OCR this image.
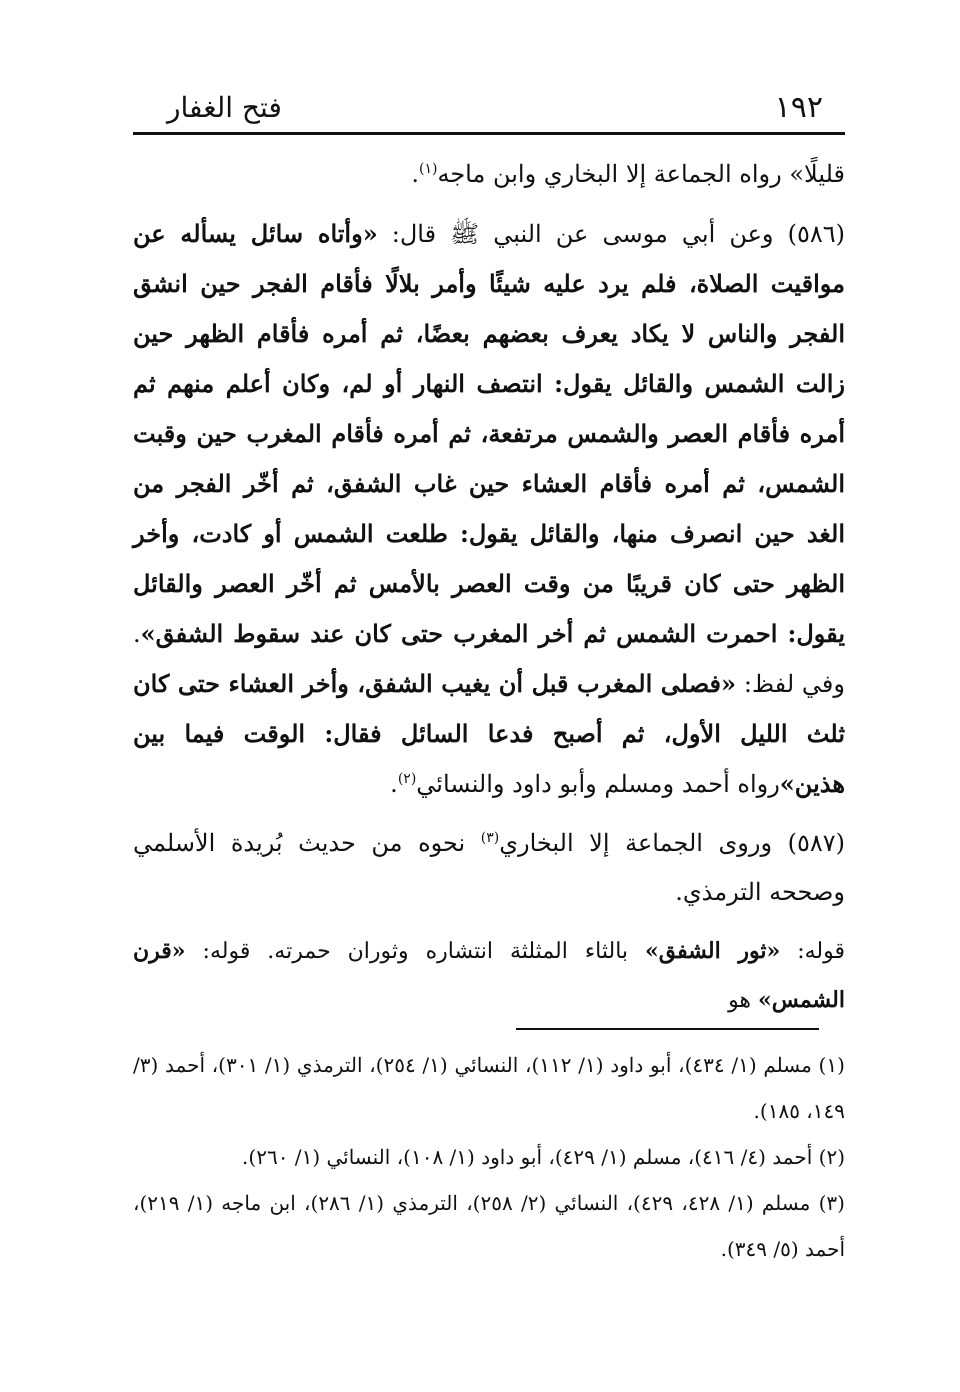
١٩٢
فتح الغفار

قليلًا» رواه الجماعة إلا البخاري وابن ماجه$^{(١)}$.

(٥٨٦) وعن أبي موسى عن النبي ﷺ قال: «وأتاه سائل يسأله عن مواقيت الصلاة، فلم يرد عليه شيئًا وأمر بلالًا فأقام الفجر حين انشق الفجر والناس لا يكاد يعرف بعضهم بعضًا، ثم أمره فأقام الظهر حين زالت الشمس والقائل يقول: انتصف النهار أو لم، وكان أعلم منهم ثم أمره فأقام العصر والشمس مرتفعة، ثم أمره فأقام المغرب حين وقبت الشمس، ثم أمره فأقام العشاء حين غاب الشفق، ثم أخّر الفجر من الغد حين انصرف منها، والقائل يقول: طلعت الشمس أو كادت، وأخر الظهر حتى كان قريبًا من وقت العصر بالأمس ثم أخّر العصر والقائل يقول: احمرت الشمس ثم أخر المغرب حتى كان عند سقوط الشفق». وفي لفظ: «فصلى المغرب قبل أن يغيب الشفق، وأخر العشاء حتى كان ثلث الليل الأول، ثم أصبح فدعا السائل فقال: الوقت فيما بين هذين»رواه أحمد ومسلم وأبو داود والنسائي$^{(٢)}$.

(٥٨٧) وروى الجماعة إلا البخاري$^{(٣)}$ نحوه من حديث بُريدة الأسلمي وصححه الترمذي.

قوله: «ثور الشفق» بالثاء المثلثة انتشاره وثوران حمرته. قوله: «قرن الشمس» هو

(١) مسلم (١/ ٤٣٤)، أبو داود (١/ ١١٢)، النسائي (١/ ٢٥٤)، الترمذي (١/ ٣٠١)، أحمد (٣/ ١٤٩، ١٨٥).

(٢) أحمد (٤/ ٤١٦)، مسلم (١/ ٤٢٩)، أبو داود (١/ ١٠٨)، النسائي (١/ ٢٦٠).

(٣) مسلم (١/ ٤٢٨، ٤٢٩)، النسائي (٢/ ٢٥٨)، الترمذي (١/ ٢٨٦)، ابن ماجه (١/ ٢١٩)، أحمد (٥/ ٣٤٩).
